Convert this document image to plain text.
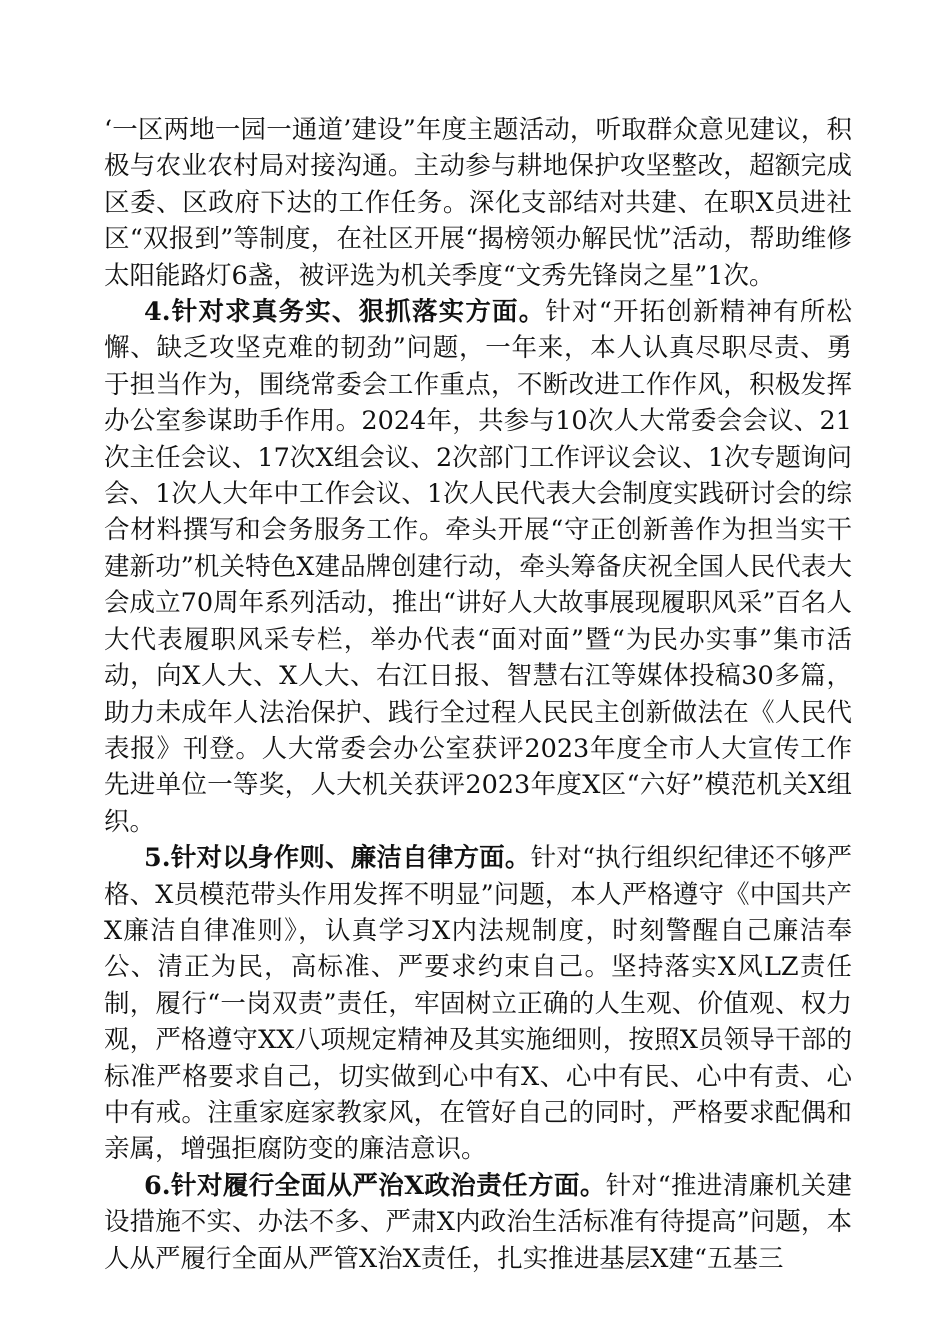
‘一区两地一园一通道’建设”年度主题活动，听取群众意见建议，积极与农业农村局对接沟通。主动参与耕地保护攻坚整改，超额完成区委、区政府下达的工作任务。深化支部结对共建、在职X员进社区“双报到”等制度，在社区开展“揭榜领办解民忧”活动，帮助维修太阳能路灯6盏，被评选为机关季度“文秀先锋岗之星”1次。

4.针对求真务实、狠抓落实方面。针对“开拓创新精神有所松懈、缺乏攻坚克难的韧劲”问题，一年来，本人认真尽职尽责、勇于担当作为，围绕常委会工作重点，不断改进工作作风，积极发挥办公室参谋助手作用。2024年，共参与10次人大常委会会议、21次主任会议、17次X组会议、2次部门工作评议会议、1次专题询问会、1次人大年中工作会议、1次人民代表大会制度实践研讨会的综合材料撰写和会务服务工作。牵头开展“守正创新善作为担当实干建新功”机关特色X建品牌创建行动，牵头筹备庆祝全国人民代表大会成立70周年系列活动，推出“讲好人大故事展现履职风采”百名人大代表履职风采专栏，举办代表“面对面”暨“为民办实事”集市活动，向X人大、X人大、右江日报、智慧右江等媒体投稿30多篇，助力未成年人法治保护、践行全过程人民民主创新做法在《人民代表报》刊登。人大常委会办公室获评2023年度全市人大宣传工作先进单位一等奖，人大机关获评2023年度X区“六好”模范机关X组织。

5.针对以身作则、廉洁自律方面。针对“执行组织纪律还不够严格、X员模范带头作用发挥不明显”问题，本人严格遵守《中国共产X廉洁自律准则》，认真学习X内法规制度，时刻警醒自己廉洁奉公、清正为民，高标准、严要求约束自己。坚持落实X风LZ责任制，履行“一岗双责”责任，牢固树立正确的人生观、价值观、权力观，严格遵守XX八项规定精神及其实施细则，按照X员领导干部的标准严格要求自己，切实做到心中有X、心中有民、心中有责、心中有戒。注重家庭家教家风，在管好自己的同时，严格要求配偶和亲属，增强拒腐防变的廉洁意识。

6.针对履行全面从严治X政治责任方面。针对“推进清廉机关建设措施不实、办法不多、严肃X内政治生活标准有待提高”问题，本人从严履行全面从严管X治X责任，扎实推进基层X建“五基三
